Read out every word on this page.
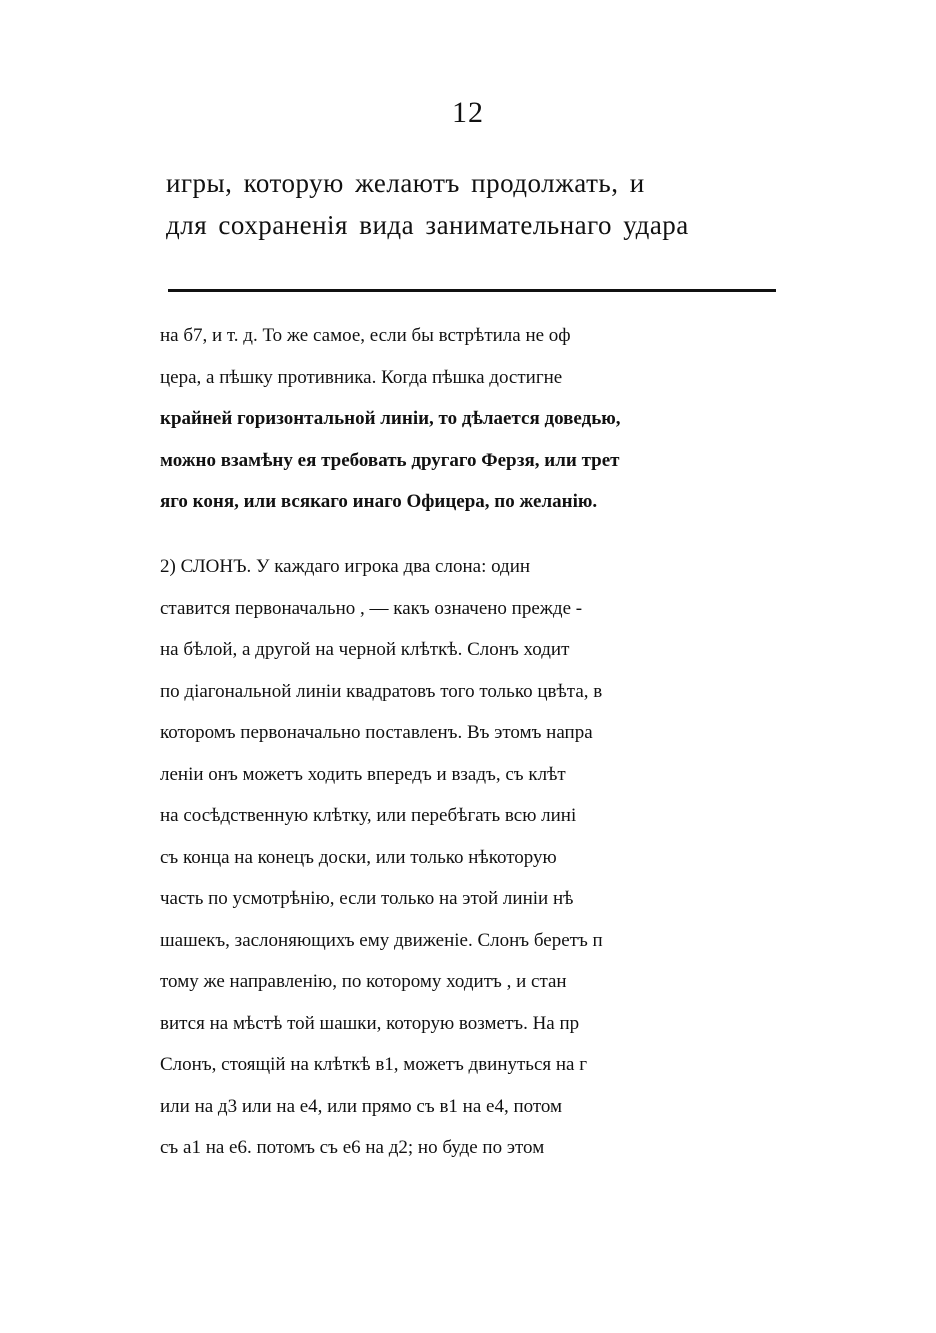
12
игры, которую желаютъ продолжать, и
для сохраненія вида занимательнаго удара
на б7, и т. д. То же самое, если бы встрѣтила не оф
цера, а пѣшку противника. Когда пѣшка достигне
крайней горизонтальной линіи, то дѣлается доведью,
можно взамѣну ея требовать другаго Ферзя, или трет
яго коня, или всякаго инаго Офицера, по желанію.
2) СЛОНЪ. У каждаго игрока два слона: один
ставится первоначально , — какъ означено прежде -
на бѣлой, а другой на черной клѣткѣ. Слонъ ходит
по діагональной линіи квадратовъ того только цвѣта, в
которомъ первоначально поставленъ. Въ этомъ напра
леніи онъ можетъ ходить впередъ и взадъ, съ клѣт
на сосѣдственную клѣтку, или перебѣгать всю лині
съ конца на конецъ доски, или только нѣкоторую
часть по усмотрѣнію, если только на этой линіи нѣ
шашекъ, заслоняющихъ ему движеніе. Слонъ беретъ п
тому же направленію, по которому ходитъ , и стан
вится на мѣстѣ той шашки, которую возметъ. На пр
Слонъ, стоящій на клѣткѣ в1, можетъ двинуться на г
или на д3 или на е4, или прямо съ в1 на е4, потом
съ а1 на е6. потомъ съ е6 на д2; но буде по этом
